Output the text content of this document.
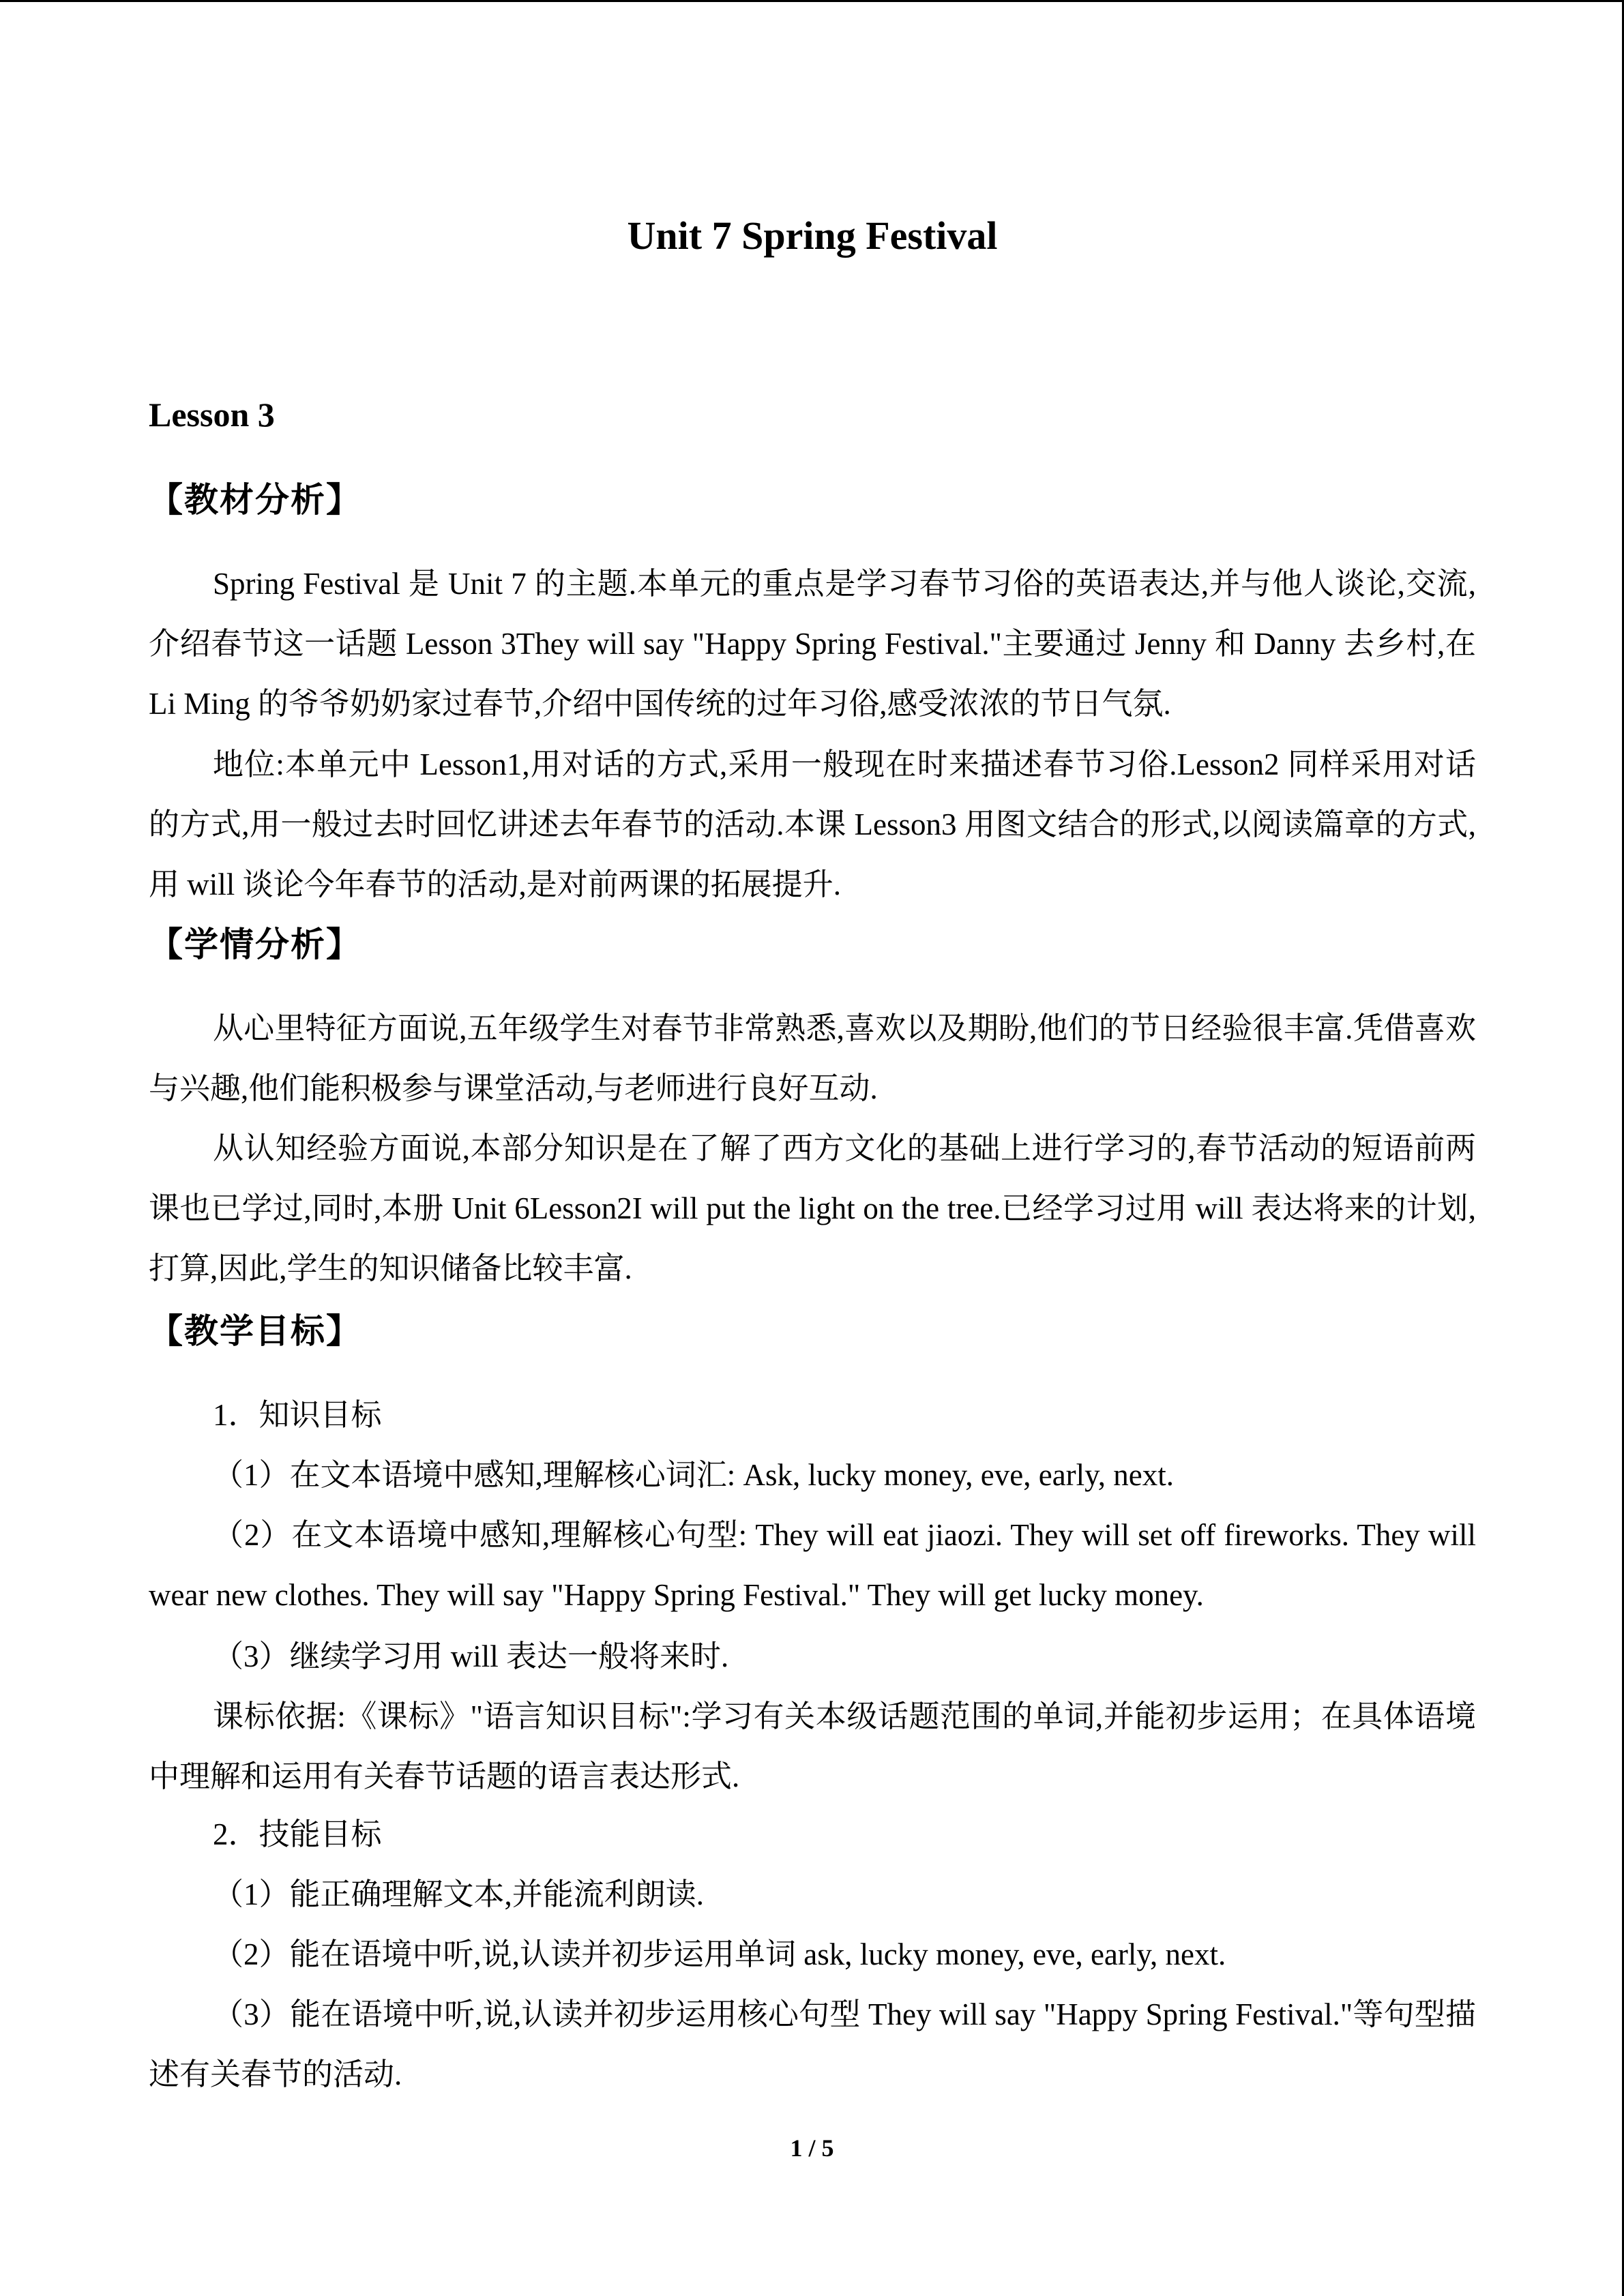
Unit 7 Spring Festival
Lesson 3
【教材分析】

Spring Festival 是 Unit 7 的主题.本单元的重点是学习春节习俗的英语表达,并与他人谈论,交流,介绍春节这一话题 Lesson 3They will say "Happy Spring Festival."主要通过 Jenny 和 Danny 去乡村,在 Li Ming 的爷爷奶奶家过春节,介绍中国传统的过年习俗,感受浓浓的节日气氛.

地位:本单元中 Lesson1,用对话的方式,采用一般现在时来描述春节习俗.Lesson2 同样采用对话的方式,用一般过去时回忆讲述去年春节的活动.本课 Lesson3 用图文结合的形式,以阅读篇章的方式,用 will 谈论今年春节的活动,是对前两课的拓展提升.

【学情分析】

从心里特征方面说,五年级学生对春节非常熟悉,喜欢以及期盼,他们的节日经验很丰富.凭借喜欢与兴趣,他们能积极参与课堂活动,与老师进行良好互动.

从认知经验方面说,本部分知识是在了解了西方文化的基础上进行学习的,春节活动的短语前两课也已学过,同时,本册 Unit 6Lesson2I will put the light on the tree.已经学习过用 will 表达将来的计划,打算,因此,学生的知识储备比较丰富.

【教学目标】

1．知识目标

（1）在文本语境中感知,理解核心词汇: Ask, lucky money, eve, early, next.

（2）在文本语境中感知,理解核心句型: They will eat jiaozi. They will set off fireworks. They will wear new clothes. They will say "Happy Spring Festival." They will get lucky money.

（3）继续学习用 will 表达一般将来时.

课标依据:《课标》"语言知识目标":学习有关本级话题范围的单词,并能初步运用；在具体语境中理解和运用有关春节话题的语言表达形式.

2．技能目标

（1）能正确理解文本,并能流利朗读.

（2）能在语境中听,说,认读并初步运用单词 ask, lucky money, eve, early, next.

（3）能在语境中听,说,认读并初步运用核心句型 They will say "Happy Spring Festival."等句型描述有关春节的活动.

1 / 5
